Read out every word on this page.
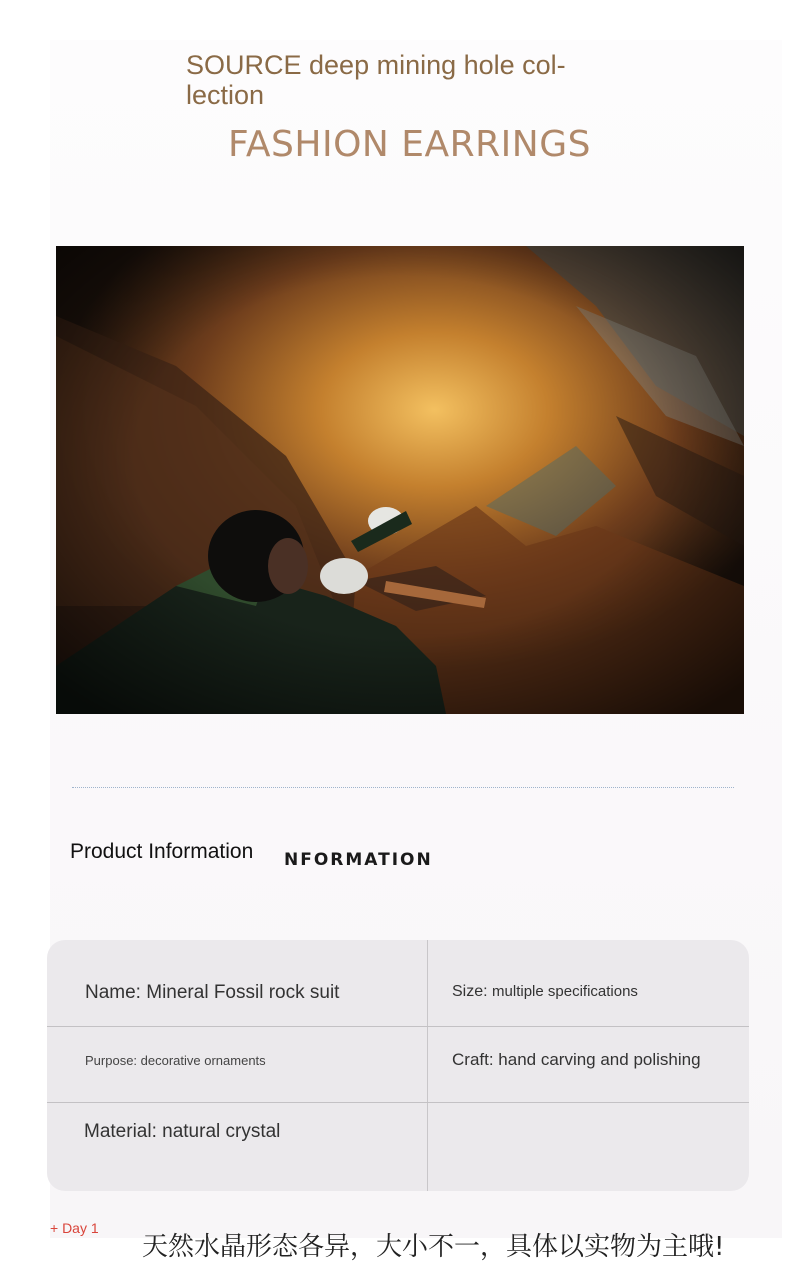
SOURCE deep mining hole col-lection
FASHION EARRINGS
Product Information NFORMATION
Name: Mineral Fossil rock suit	Size: multiple specifications
Purpose: decorative ornaments	Craft: hand carving and polishing
Material: natural crystal
+ Day 1
天然水晶形态各异，大小不一，具体以实物为主哦!
